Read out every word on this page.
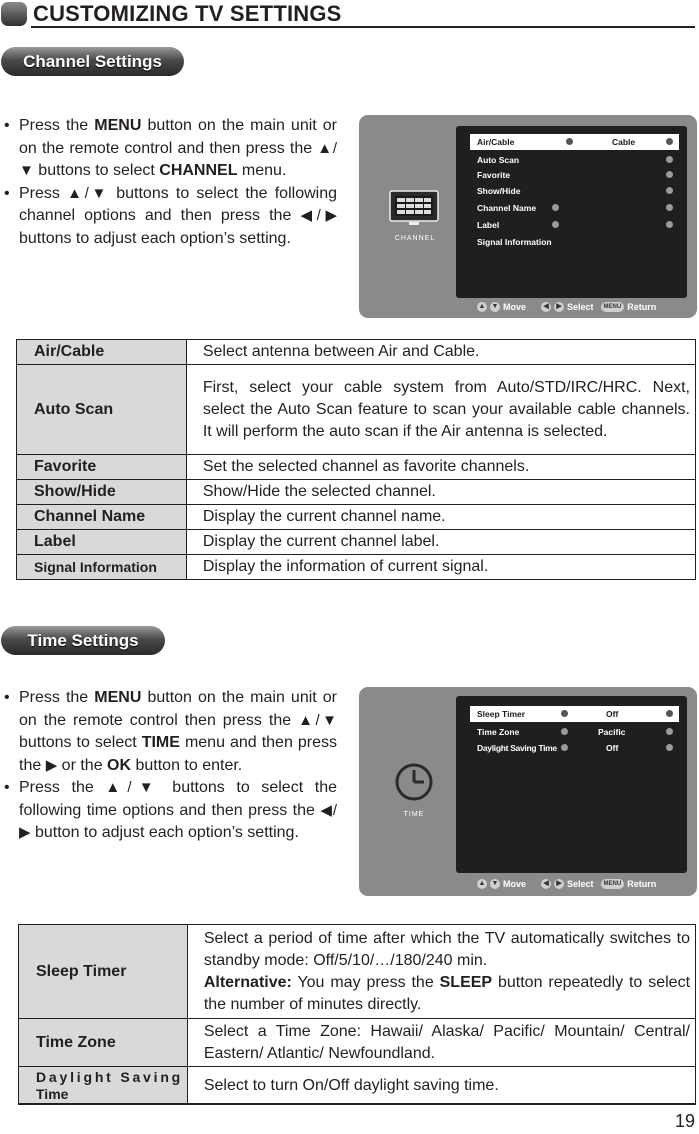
CUSTOMIZING TV SETTINGS
Channel Settings
• Press the MENU button on the main unit or on the remote control and then press the ▲/▼ buttons to select CHANNEL menu.
• Press ▲/▼ buttons to select the following channel options and then press the ◀/▶ buttons to adjust each option’s setting.	CHANNEL
Air/Cable	Cable
Auto Scan
Favorite
Show/Hide
Channel Name
Label
Signal Information
▲ ▼ Move	◀	▶ Select	MENU Return
Air/Cable	Select antenna between Air and Cable.
Auto Scan	First, select your cable system from Auto/STD/IRC/HRC. Next, select the Auto Scan feature to scan your available cable channels. It will perform the auto scan if the Air antenna is selected.
Favorite	Set the selected channel as favorite channels.
Show/Hide	Show/Hide the selected channel.
Channel Name	Display the current channel name.
Label	Display the current channel label.
Signal Information	Display the information of current signal.
Time Settings
• Press the MENU button on the main unit or on the remote control then press the ▲/▼ buttons to select TIME menu and then press the ▶ or the OK button to enter.
• Press the ▲/▼ buttons to select the following time options and then press the ◀/▶ button to adjust each option’s setting.
TIME
Sleep Timer	Off
Time Zone	Pacific
Daylight Saving Time	Off
▲ ▼ Move	◀	▶ Select	MENU Return
Sleep Timer	Select a period of time after which the TV automatically switches to standby mode: Off/5/10/…/180/240 min.
Alternative: You may press the SLEEP button repeatedly to select the number of minutes directly.
Time Zone	Select a Time Zone: Hawaii/ Alaska/ Pacific/ Mountain/ Central/ Eastern/ Atlantic/ Newfoundland.
Daylight Saving
Time	Select to turn On/Off daylight saving time.
19
